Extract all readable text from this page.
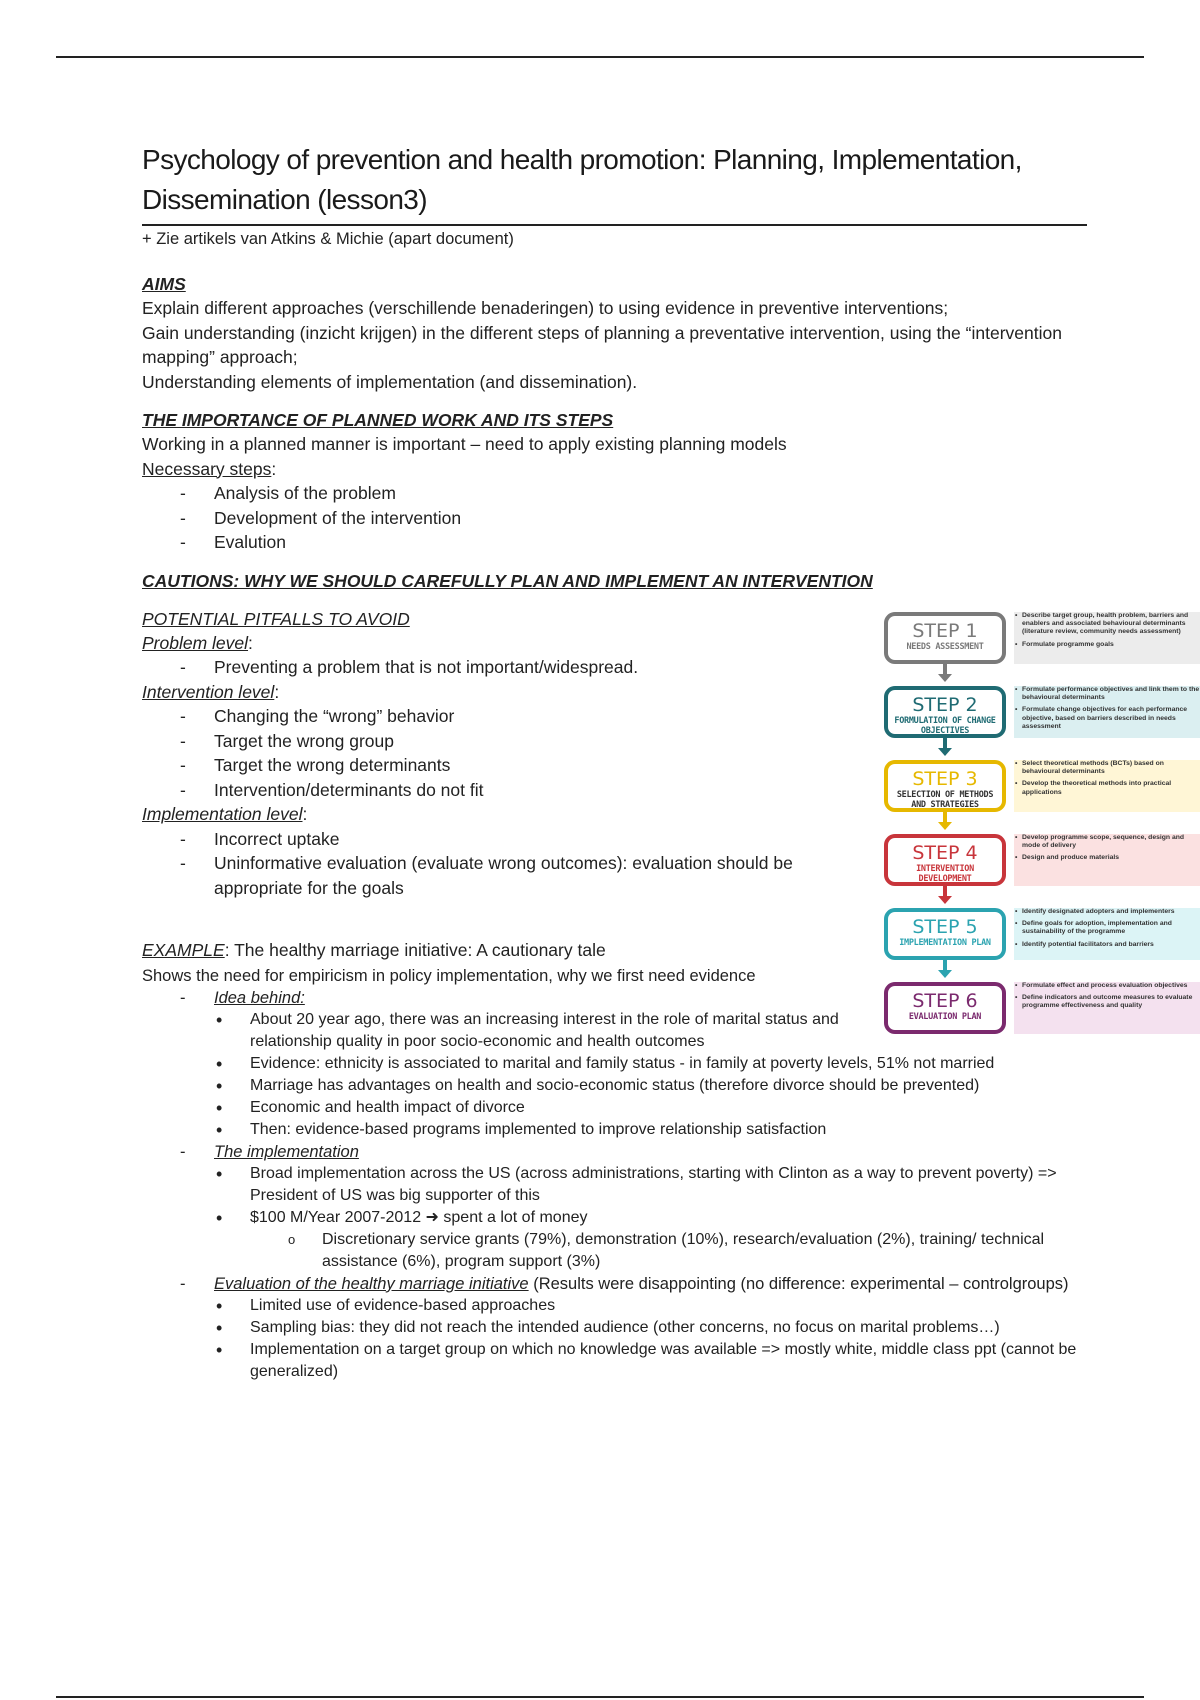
Psychology of prevention and health promotion: Planning, Implementation, Dissemination (lesson3)
+ Zie artikels van Atkins & Michie (apart document)
AIMS

Explain different approaches (verschillende benaderingen) to using evidence in preventive interventions;

Gain understanding (inzicht krijgen) in the different steps of planning a preventative intervention, using the “intervention mapping” approach;

Understanding elements of implementation (and dissemination).

THE IMPORTANCE OF PLANNED WORK AND ITS STEPS

Working in a planned manner is important – need to apply existing planning models

Necessary steps:

- Analysis of the problem
- Development of the intervention
- Evalution
CAUTIONS: WHY WE SHOULD CAREFULLY PLAN AND IMPLEMENT AN INTERVENTION
POTENTIAL PITFALLS TO AVOID

Problem level:

- Preventing a problem that is not important/widespread.

Intervention level:

- Changing the “wrong” behavior
- Target the wrong group
- Target the wrong determinants
- Intervention/determinants do not fit

Implementation level:

- Incorrect uptake
- Uninformative evaluation (evaluate wrong outcomes): evaluation should be appropriate for the goals

EXAMPLE: The healthy marriage initiative: A cautionary tale

Shows the need for empiricism in policy implementation, why we first need evidence
- Idea behind:
• About 20 year ago, there was an increasing interest in the role of marital status and relationship quality in poor socio-economic and health outcomes
• Evidence: ethnicity is associated to marital and family status - in family at poverty levels, 51% not married
• Marriage has advantages on health and socio-economic status (therefore divorce should be prevented)
• Economic and health impact of divorce
• Then: evidence-based programs implemented to improve relationship satisfaction
- The implementation
• Broad implementation across the US (across administrations, starting with Clinton as a way to prevent poverty) => President of US was big supporter of this
• $100 M/Year 2007-2012 ➜ spent a lot of money
o Discretionary service grants (79%), demonstration (10%), research/evaluation (2%), training/ technical assistance (6%), program support (3%)
- Evaluation of the healthy marriage initiative (Results were disappointing (no difference: experimental – controlgroups)
• Limited use of evidence-based approaches
• Sampling bias: they did not reach the intended audience (other concerns, no focus on marital problems…)
• Implementation on a target group on which no knowledge was available => mostly white, middle class ppt (cannot be generalized)
• Describe target group, health problem, barriers and enablers and associated behavioural determinants (literature review, community needs assessment)
• Formulate programme goals
STEP 1
NEEDS ASSESSMENT
• Formulate performance objectives and link them to the behavioural determinants
• Formulate change objectives for each performance objective, based on barriers described in needs assessment
STEP 2
FORMULATION OF CHANGE OBJECTIVES
• Select theoretical methods (BCTs) based on behavioural determinants
• Develop the theoretical methods into practical applications
STEP 3
SELECTION OF METHODS AND STRATEGIES
• Develop programme scope, sequence, design and mode of delivery
• Design and produce materials
STEP 4
INTERVENTION DEVELOPMENT
• Identify designated adopters and implementers
• Define goals for adoption, implementation and sustainability of the programme
• Identify potential facilitators and barriers
STEP 5
IMPLEMENTATION PLAN
• Formulate effect and process evaluation objectives
• Define indicators and outcome measures to evaluate programme effectiveness and quality
STEP 6
EVALUATION PLAN
